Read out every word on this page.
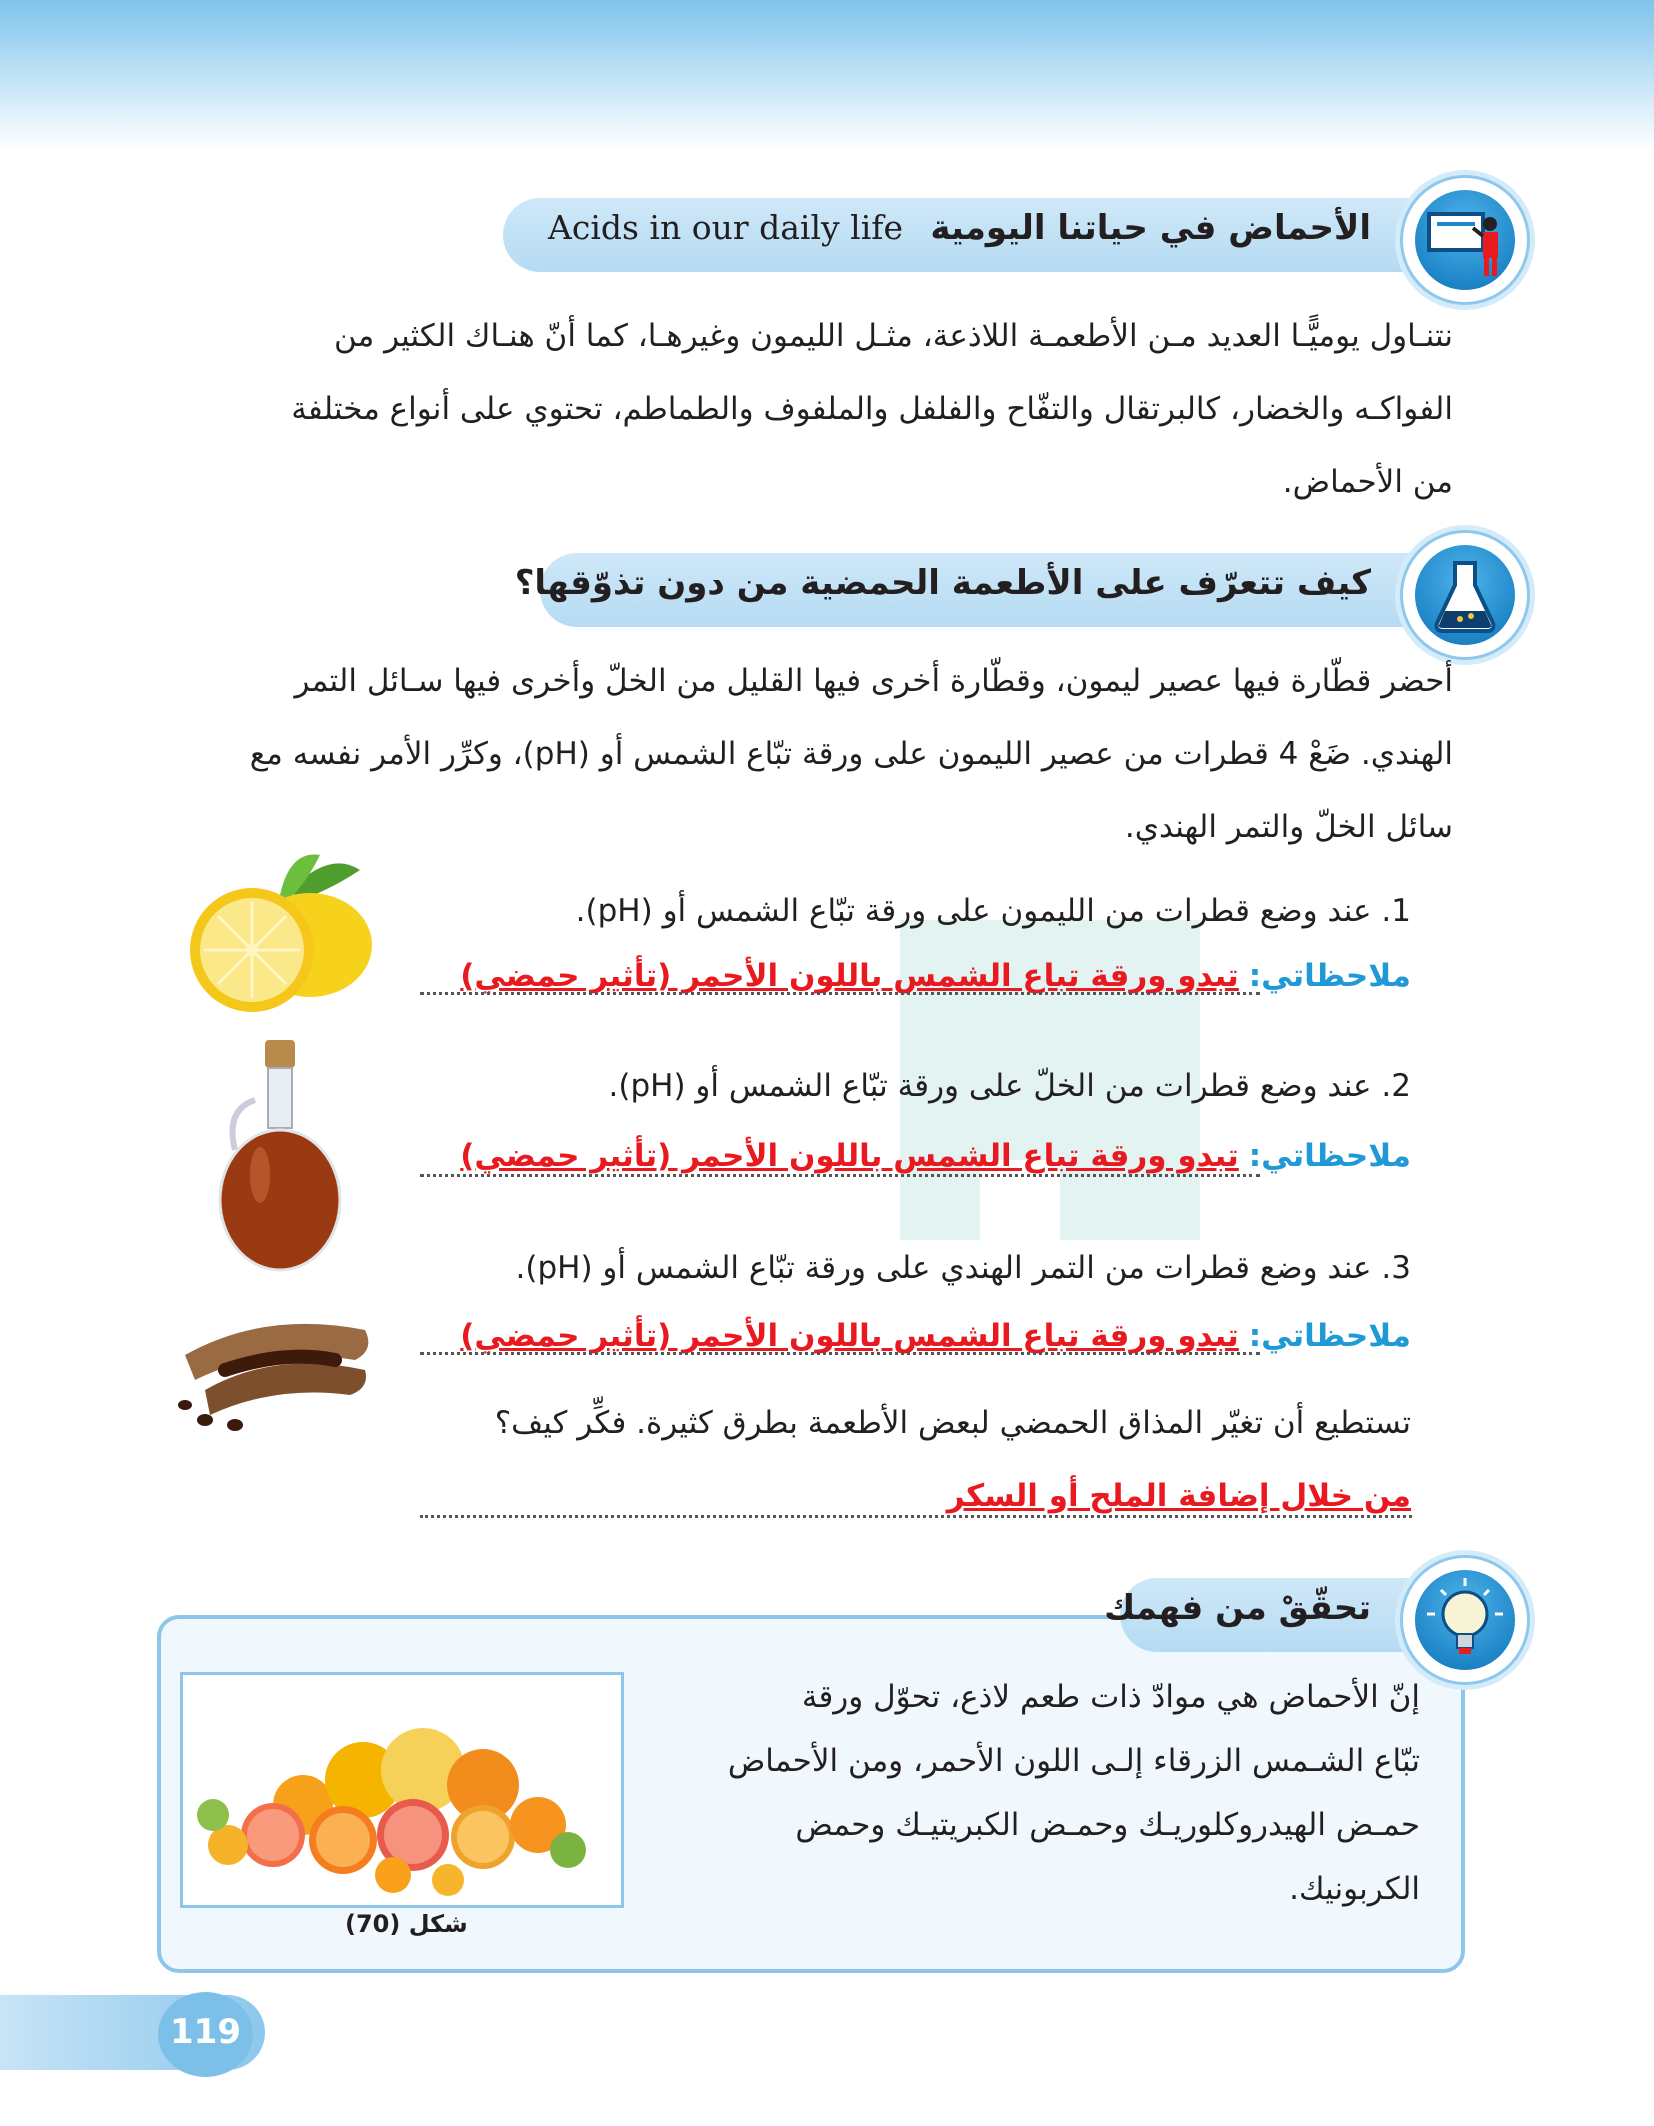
الأحماض في حياتنا اليومية
Acids in our daily life
نتنـاول يوميًّـا العديد مـن الأطعمـة اللاذعة، مثـل الليمون وغيرهـا، كما أنّ هنـاك الكثير من
الفواكـه والخضار، كالبرتقال والتفّاح والفلفل والملفوف والطماطم، تحتوي على أنواع مختلفة
من الأحماض.
كيف تتعرّف على الأطعمة الحمضية من دون تذوّقها؟
أحضر قطّارة فيها عصير ليمون، وقطّارة أخرى فيها القليل من الخلّ وأخرى فيها سـائل التمر
الهندي. ضَعْ 4 قطرات من عصير الليمون على ورقة تبّاع الشمس أو (pH)، وكرِّر الأمر نفسه مع
سائل الخلّ والتمر الهندي.
1. عند وضع قطرات من الليمون على ورقة تبّاع الشمس أو (pH).
ملاحظاتي: تبدو ورقة تباع الشمس باللون الأحمر (تأثير حمضي)
2. عند وضع قطرات من الخلّ على ورقة تبّاع الشمس أو (pH).
ملاحظاتي: تبدو ورقة تباع الشمس باللون الأحمر (تأثير حمضي)
3. عند وضع قطرات من التمر الهندي على ورقة تبّاع الشمس أو (pH).
ملاحظاتي: تبدو ورقة تباع الشمس باللون الأحمر (تأثير حمضي)
تستطيع أن تغيّر المذاق الحمضي لبعض الأطعمة بطرق كثيرة. فكِّر كيف؟
من خلال إضافة الملح أو السكر
تحقّقْ من فهمك
إنّ الأحماض هي موادّ ذات طعم لاذع، تحوّل ورقة
تبّاع الشـمس الزرقاء إلـى اللون الأحمر، ومن الأحماض
حمـض الهيدروكلوريـك وحمـض الكبريتيـك وحمض
الكربونيك.
شكل (70)
119
